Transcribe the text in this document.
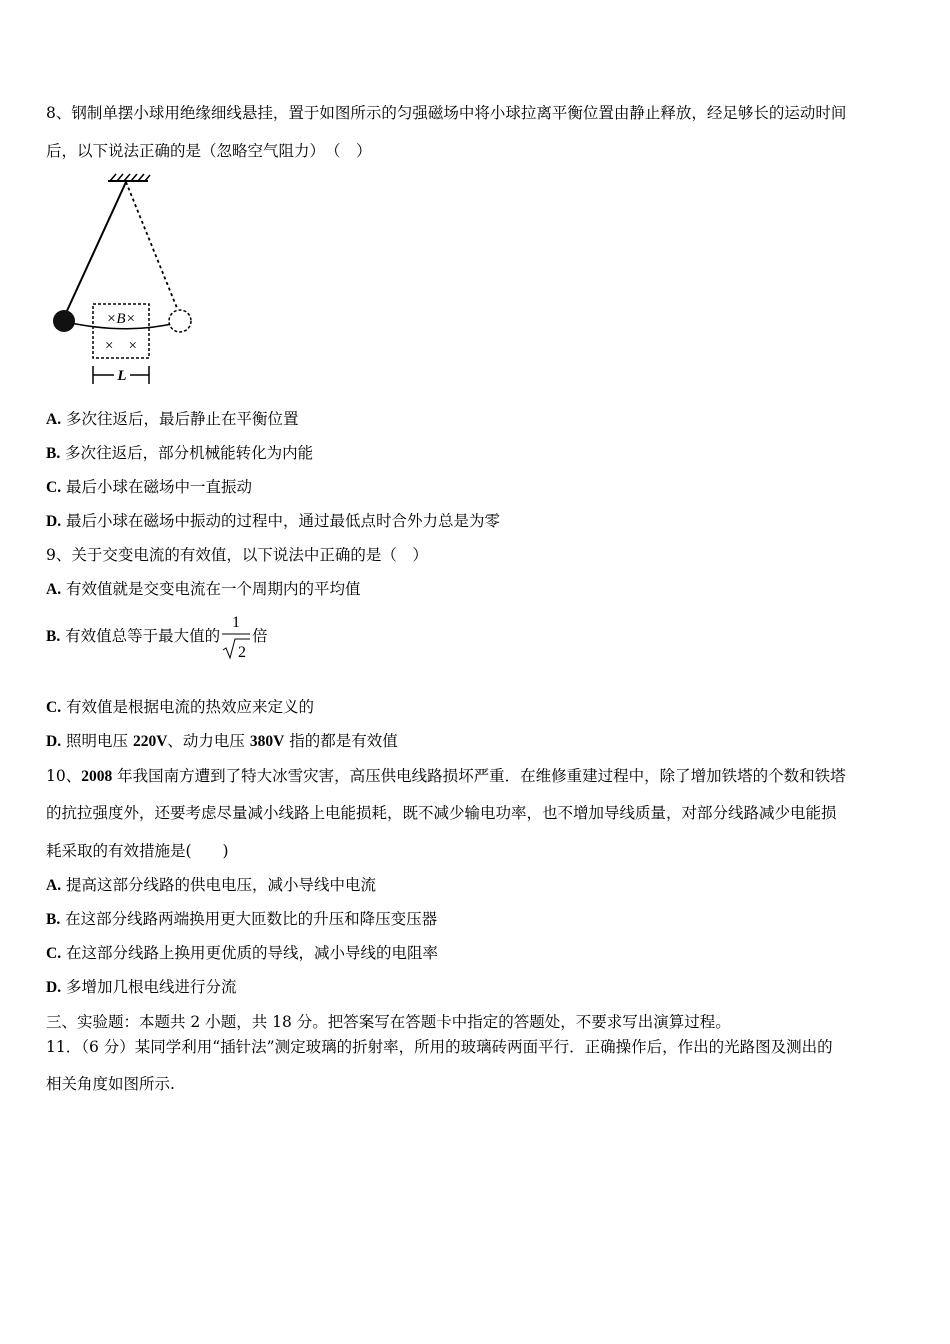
8、钢制单摆小球用绝缘细线悬挂，置于如图所示的匀强磁场中将小球拉离平衡位置由静止释放，经足够长的运动时间
后，以下说法正确的是（忽略空气阻力）　（　）
×B×
×　×
L
A. 多次往返后，最后静止在平衡位置
B. 多次往返后，部分机械能转化为内能
C. 最后小球在磁场中一直振动
D. 最后小球在磁场中振动的过程中，通过最低点时合外力总是为零
9、关于交变电流的有效值，以下说法中正确的是（　）
A. 有效值就是交变电流在一个周期内的平均值
B. 有效值总等于最大值的
1
2
倍
C. 有效值是根据电流的热效应来定义的
D. 照明电压 220V、动力电压 380V 指的都是有效值
10、2008 年我国南方遭到了特大冰雪灾害，高压供电线路损坏严重．在维修重建过程中，除了增加铁塔的个数和铁塔
的抗拉强度外，还要考虑尽量减小线路上电能损耗，既不减少输电功率，也不增加导线质量，对部分线路减少电能损
耗采取的有效措施是(　　)
A. 提高这部分线路的供电电压，减小导线中电流
B. 在这部分线路两端换用更大匝数比的升压和降压变压器
C. 在这部分线路上换用更优质的导线，减小导线的电阻率
D. 多增加几根电线进行分流
三、实验题：本题共 2 小题，共 18 分。把答案写在答题卡中指定的答题处，不要求写出演算过程。
11．（6 分）某同学利用“插针法”测定玻璃的折射率，所用的玻璃砖两面平行．正确操作后，作出的光路图及测出的
相关角度如图所示.
